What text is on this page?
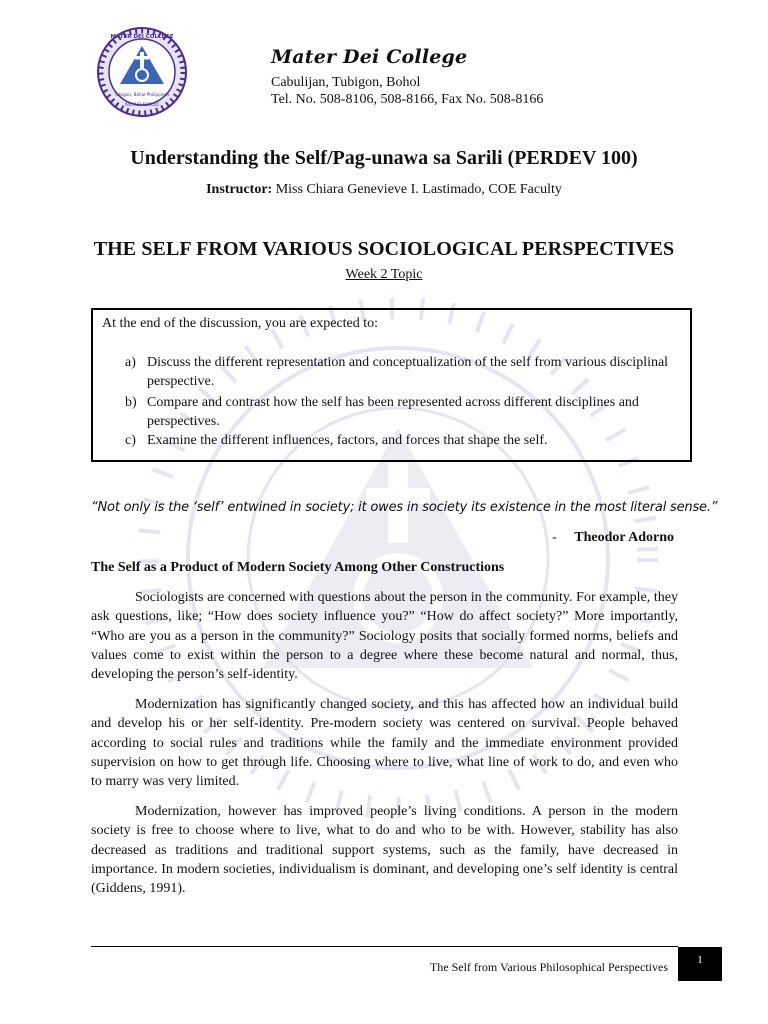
Tubigon, Bohol Philippines
MCMLXXXIII
MATER DEI COLLEGE
Mater Dei College
Cabulijan, Tubigon, Bohol
Tel. No. 508-8106, 508-8166, Fax No. 508-8166
Understanding the Self/Pag-unawa sa Sarili (PERDEV 100)
Instructor: Miss Chiara Genevieve I. Lastimado, COE Faculty
THE SELF FROM VARIOUS SOCIOLOGICAL PERSPECTIVES
Week 2 Topic
At the end of the discussion, you are expected to:
a) Discuss the different representation and conceptualization of the self from various disciplinal perspective.
b) Compare and contrast how the self has been represented across different disciplines and perspectives.
c) Examine the different influences, factors, and forces that shape the self.
“Not only is the ‘self’ entwined in society; it owes in society its existence in the most literal sense.”
- Theodor Adorno
The Self as a Product of Modern Society Among Other Constructions

Sociologists are concerned with questions about the person in the community. For example, they ask questions, like; “How does society influence you?” “How do affect society?” More importantly, “Who are you as a person in the community?” Sociology posits that socially formed norms, beliefs and values come to exist within the person to a degree where these become natural and normal, thus, developing the person’s self-identity.

Modernization has significantly changed society, and this has affected how an individual build and develop his or her self-identity. Pre-modern society was centered on survival. People behaved according to social rules and traditions while the family and the immediate environment provided supervision on how to get through life. Choosing where to live, what line of work to do, and even who to marry was very limited.

Modernization, however has improved people’s living conditions. A person in the modern society is free to choose where to live, what to do and who to be with. However, stability has also decreased as traditions and traditional support systems, such as the family, have decreased in importance. In modern societies, individualism is dominant, and developing one’s self identity is central (Giddens, 1991).

The Self from Various Philosophical Perspectives	1
